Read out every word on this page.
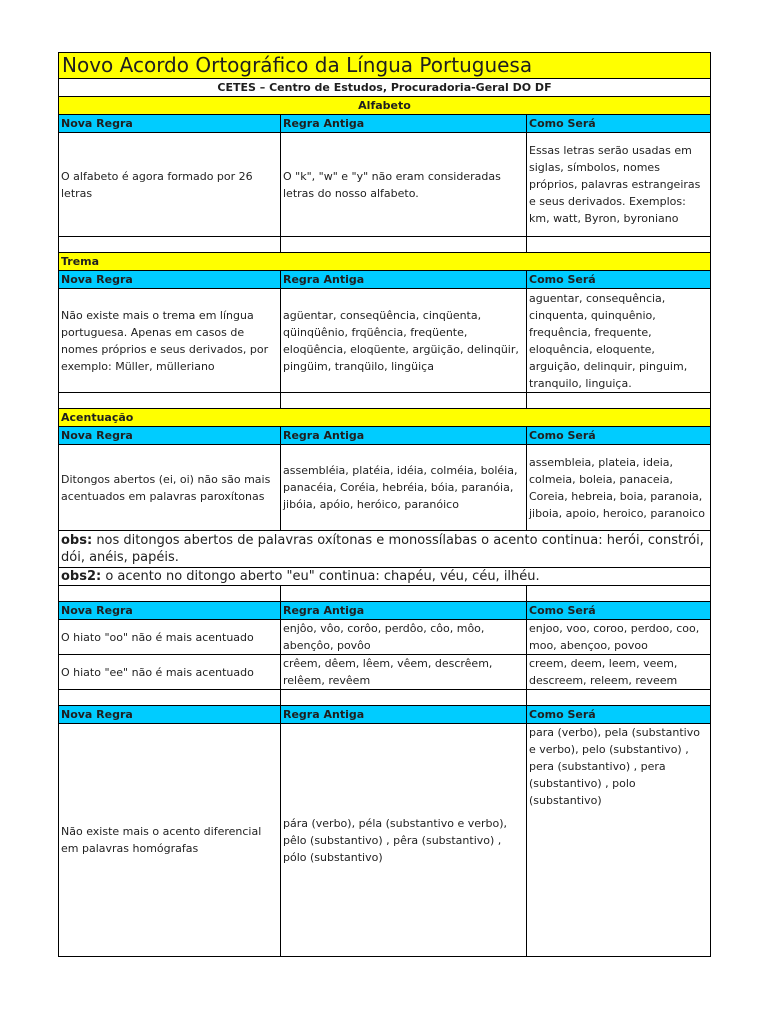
Novo Acordo Ortográfico da Língua Portuguesa		
CETES – Centro de Estudos, Procuradoria-Geral DO DF		
Alfabeto		
Nova Regra	Regra Antiga	Como Será
O alfabeto é agora formado por 26 letras	O "k", "w" e "y" não eram consideradas letras do nosso alfabeto.	Essas letras serão usadas em siglas, símbolos, nomes próprios, palavras estrangeiras e seus derivados. Exemplos: km, watt, Byron, byroniano

Trema		
Nova Regra	Regra Antiga	Como Será
Não existe mais o trema em língua portuguesa. Apenas em casos de nomes próprios e seus derivados, por exemplo: Müller, mülleriano	agüentar, conseqüência, cinqüenta, qüinqüênio, frqüência, freqüente, eloqüência, eloqüente, argüição, delinqüir, pingüim, tranqüilo, lingüiça	aguentar, consequência, cinquenta, quinquênio, frequência, frequente, eloquência, eloquente, arguição, delinquir, pinguim, tranquilo, linguiça.

Acentuação		
Nova Regra	Regra Antiga	Como Será
Ditongos abertos (ei, oi) não são mais acentuados em palavras paroxítonas	assembléia, platéia, idéia, colméia, boléia, panacéia, Coréia, hebréia, bóia, paranóia, jibóia, apóio, heróico, paranóico	assembleia, plateia, ideia, colmeia, boleia, panaceia, Coreia, hebreia, boia, paranoia, jiboia, apoio, heroico, paranoico
obs: nos ditongos abertos de palavras oxítonas e monossílabas o acento continua: herói, constrói, dói, anéis, papéis.		
obs2: o acento no ditongo aberto "eu" continua: chapéu, véu, céu, ilhéu.		

Nova Regra	Regra Antiga	Como Será
O hiato "oo" não é mais acentuado	enjôo, vôo, corôo, perdôo, côo, môo, abençôo, povôo	enjoo, voo, coroo, perdoo, coo, moo, abençoo, povoo
O hiato "ee" não é mais acentuado	crêem, dêem, lêem, vêem, descrêem, relêem, revêem	creem, deem, leem, veem, descreem, releem, reveem

Nova Regra	Regra Antiga	Como Será
Não existe mais o acento diferencial em palavras homógrafas	pára (verbo), péla (substantivo e verbo), pêlo (substantivo) , pêra (substantivo) ,          pólo (substantivo)	para (verbo), pela (substantivo e verbo), pelo (substantivo) , pera (substantivo) , pera (substantivo) , polo (substantivo)
